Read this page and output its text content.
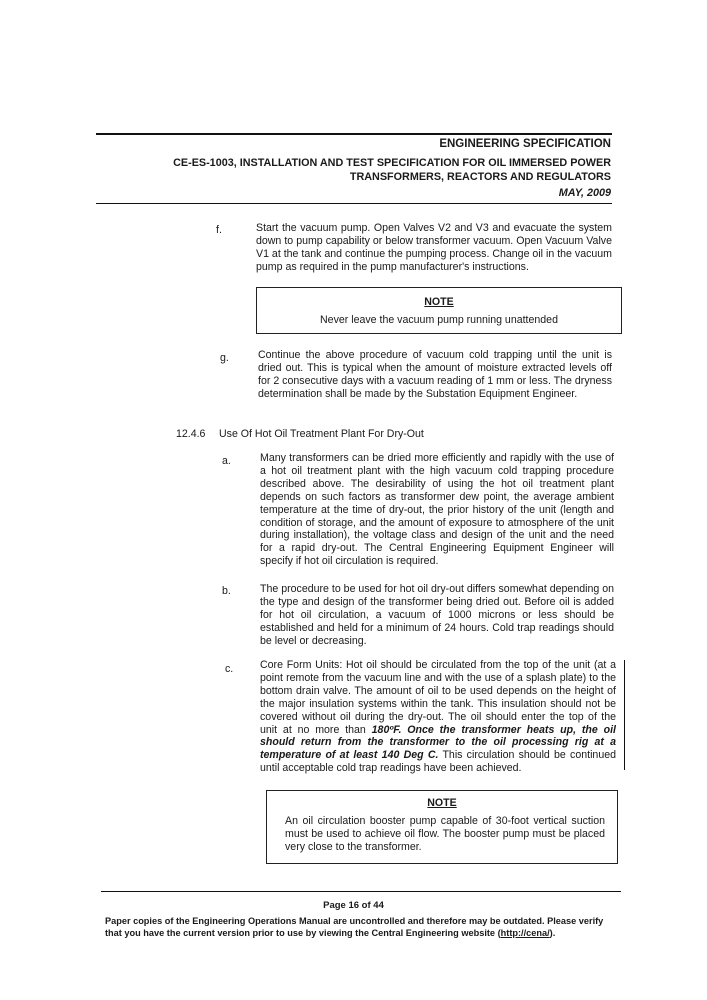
ENGINEERING SPECIFICATION
CE-ES-1003, INSTALLATION AND TEST SPECIFICATION FOR OIL IMMERSED POWER
TRANSFORMERS, REACTORS AND REGULATORS
MAY, 2009
f.	Start the vacuum pump. Open Valves V2 and V3 and evacuate the system down to pump capability or below transformer vacuum. Open Vacuum Valve V1 at the tank and continue the pumping process. Change oil in the vacuum pump as required in the pump manufacturer's instructions.
NOTE
Never leave the vacuum pump running unattended
g.	Continue the above procedure of vacuum cold trapping until the unit is dried out. This is typical when the amount of moisture extracted levels off for 2 consecutive days with a vacuum reading of 1 mm or less. The dryness determination shall be made by the Substation Equipment Engineer.
12.4.6 Use Of Hot Oil Treatment Plant For Dry-Out
a.	Many transformers can be dried more efficiently and rapidly with the use of a hot oil treatment plant with the high vacuum cold trapping procedure described above. The desirability of using the hot oil treatment plant depends on such factors as transformer dew point, the average ambient temperature at the time of dry-out, the prior history of the unit (length and condition of storage, and the amount of exposure to atmosphere of the unit during installation), the voltage class and design of the unit and the need for a rapid dry-out. The Central Engineering Equipment Engineer will specify if hot oil circulation is required.
b.	The procedure to be used for hot oil dry-out differs somewhat depending on the type and design of the transformer being dried out. Before oil is added for hot oil circulation, a vacuum of 1000 microns or less should be established and held for a minimum of 24 hours. Cold trap readings should be level or decreasing.
c.	Core Form Units: Hot oil should be circulated from the top of the unit (at a point remote from the vacuum line and with the use of a splash plate) to the bottom drain valve. The amount of oil to be used depends on the height of the major insulation systems within the tank. This insulation should not be covered without oil during the dry-out. The oil should enter the top of the unit at no more than 180ºF. Once the transformer heats up, the oil should return from the transformer to the oil processing rig at a temperature of at least 140 Deg C. This circulation should be continued until acceptable cold trap readings have been achieved.
NOTE
An oil circulation booster pump capable of 30-foot vertical suction must be used to achieve oil flow. The booster pump must be placed very close to the transformer.
Page 16 of 44
Paper copies of the Engineering Operations Manual are uncontrolled and therefore may be outdated. Please verify
that you have the current version prior to use by viewing the Central Engineering website (http://cena/).
